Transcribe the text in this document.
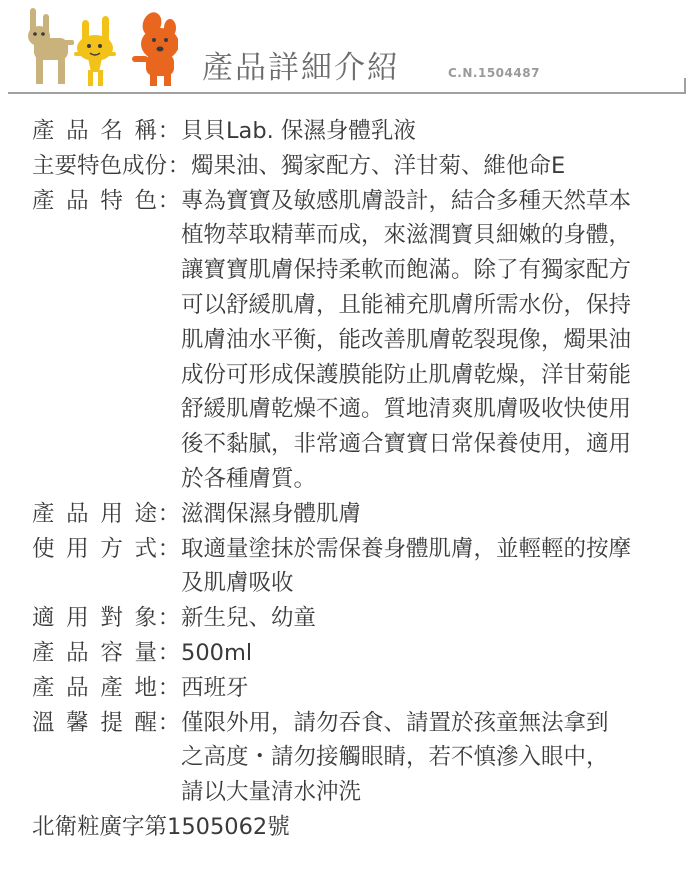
產品詳細介紹	C.N.1504487
產品名稱 ： 貝貝Lab. 保濕身體乳液
主要特色成份 ： 燭果油、獨家配方、洋甘菊、維他命E
產品特色 ： 專為寶寶及敏感肌膚設計，結合多種天然草本
植物萃取精華而成，來滋潤寶貝細嫩的身體，
讓寶寶肌膚保持柔軟而飽滿。除了有獨家配方
可以舒緩肌膚，且能補充肌膚所需水份，保持
肌膚油水平衡，能改善肌膚乾裂現像，燭果油
成份可形成保護膜能防止肌膚乾燥，洋甘菊能
舒緩肌膚乾燥不適。質地清爽肌膚吸收快使用
後不黏膩，非常適合寶寶日常保養使用，適用
於各種膚質。
產品用途 ： 滋潤保濕身體肌膚
使用方式 ： 取適量塗抹於需保養身體肌膚，並輕輕的按摩
及肌膚吸收
適用對象 ： 新生兒、幼童
產品容量 ： 500ml
產品產地 ： 西班牙
溫馨提醒 ： 僅限外用，請勿吞食、請置於孩童無法拿到
之高度・請勿接觸眼睛，若不慎滲入眼中，
請以大量清水沖洗
北衛粧廣字第1505062號
